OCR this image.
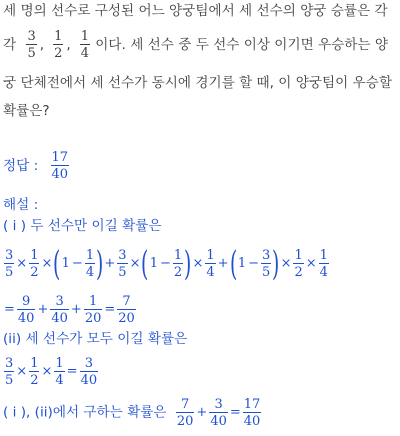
세 명의 선수로 구성된 어느 양궁팀에서 세 선수의 양궁 승률은 각
각 $\frac{3}{5}$ , $\frac{1}{2}$ , $\frac{1}{4}$ 이다. 세 선수 중 두 선수 이상 이기면 우승하는 양
궁 단체전에서 세 선수가 동시에 경기를 할 때, 이 양궁팀이 우승할
확률은?
정답 : $\frac{17}{40}$
해설 :
( i ) 두 선수만 이길 확률은
$\frac{3}{5} \times \frac{1}{2} \times(1 - \frac{1}{4}$ )+ $\frac{3}{5} \times(1 - \frac{1}{2}$ )× $\frac{1}{4} +(1 - \frac{3}{5}$ )× $\frac{1}{2} \times \frac{1}{4}$
= $\frac{9}{40} + \frac{3}{40} + \frac{1}{20} = \frac{7}{20}$
(ii) 세 선수가 모두 이길 확률은
$\frac{3}{5} \times \frac{1}{2} \times \frac{1}{4} = \frac{3}{40}$
( i ), (ii)에서 구하는 확률은 $\frac{7}{20} + \frac{3}{40} = \frac{17}{40}$
